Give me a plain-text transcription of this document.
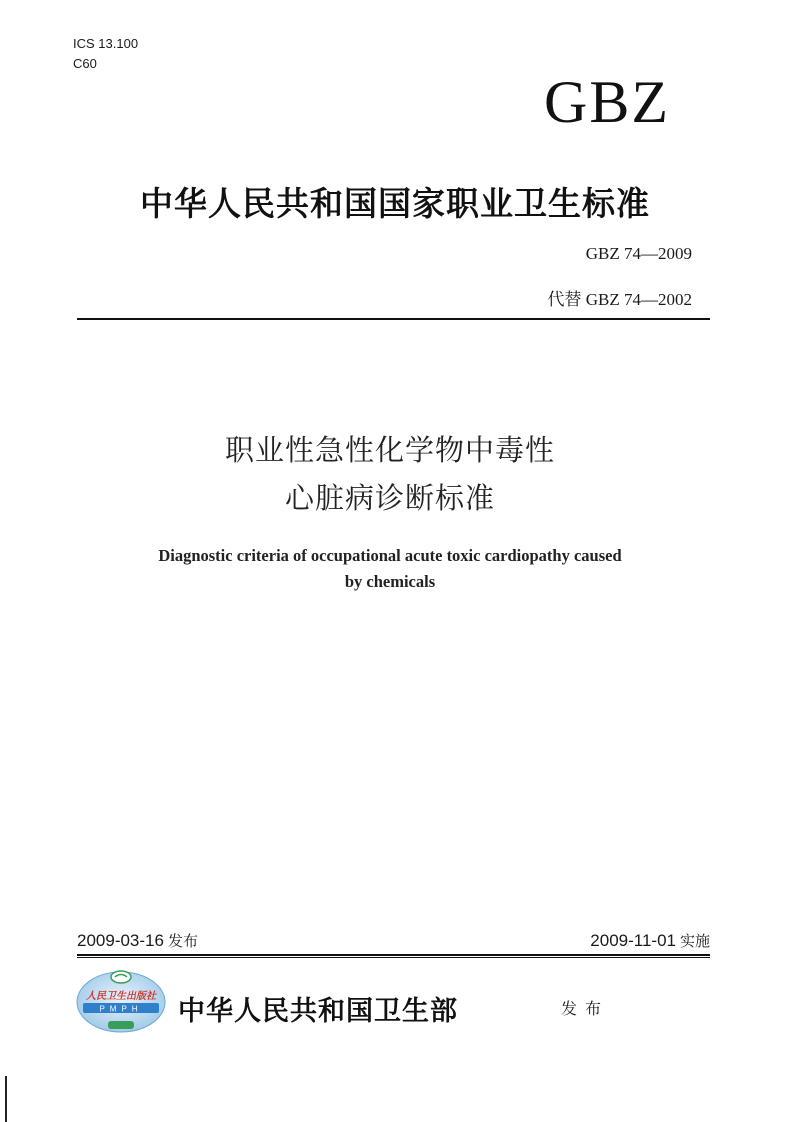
ICS 13.100
C60
GBZ
中华人民共和国国家职业卫生标准
GBZ 74—2009
代替 GBZ 74—2002
职业性急性化学物中毒性
心脏病诊断标准
Diagnostic criteria of occupational acute toxic cardiopathy caused
by chemicals
2009-03-16 发布	2009-11-01 实施
人民卫生出版社
PMPH 中华人民共和国卫生部	发布
